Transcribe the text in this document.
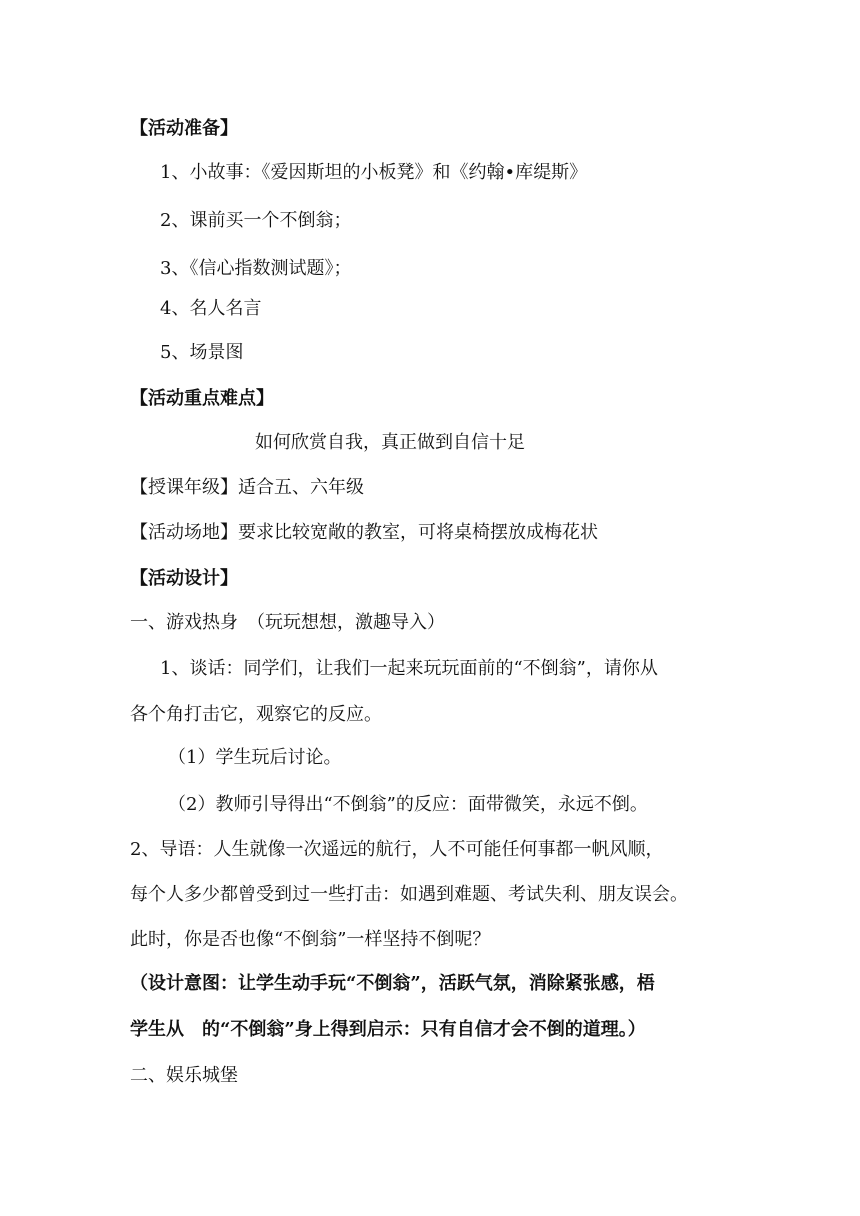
【活动准备】
1、小故事：《爱因斯坦的小板凳》和《约翰•库缇斯》
2、课前买一个不倒翁；
3、《信心指数测试题》；
4、名人名言
5、场景图
【活动重点难点】
如何欣赏自我，真正做到自信十足
【授课年级】适合五、六年级
【活动场地】要求比较宽敞的教室，可将桌椅摆放成梅花状
【活动设计】
一、游戏热身　（玩玩想想，激趣导入）
1、谈话：同学们，让我们一起来玩玩面前的“不倒翁”，请你从
各个角打击它，观察它的反应。
（1）学生玩后讨论。
（2）教师引导得出“不倒翁”的反应：面带微笑，永远不倒。
2、导语：人生就像一次遥远的航行，人不可能任何事都一帆风顺，
每个人多少都曾受到过一些打击：如遇到难题、考试失利、朋友误会。
此时，你是否也像“不倒翁”一样坚持不倒呢？
（设计意图：让学生动手玩“不倒翁”，活跃气氛，消除紧张感，梧
学生从　的“不倒翁”身上得到启示：只有自信才会不倒的道理。）
二、娱乐城堡
